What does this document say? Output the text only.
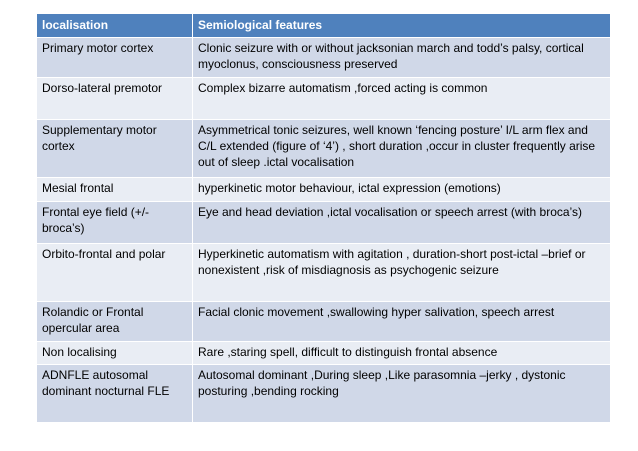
localisation	Semiological features
Primary motor cortex	Clonic seizure with or without jacksonian march and todd’s palsy, cortical myoclonus, consciousness preserved
Dorso-lateral premotor	Complex bizarre automatism ,forced acting is common
Supplementary motor cortex	Asymmetrical tonic seizures, well known ‘fencing posture’ I/L arm flex and C/L extended (figure of ‘4’) , short duration ,occur in cluster frequently arise out of sleep .ictal vocalisation
Mesial frontal	hyperkinetic motor behaviour, ictal expression (emotions)
Frontal eye field (+/- broca’s)	Eye and head deviation ,ictal vocalisation or speech arrest (with broca’s)
Orbito-frontal and polar	Hyperkinetic automatism with agitation , duration-short post-ictal –brief or nonexistent ,risk of misdiagnosis as psychogenic seizure
Rolandic or Frontal opercular area	Facial clonic movement ,swallowing hyper salivation, speech arrest
Non localising	Rare ,staring spell, difficult to distinguish frontal absence
ADNFLE autosomal dominant nocturnal FLE	Autosomal dominant ,During sleep ,Like parasomnia –jerky , dystonic posturing ,bending rocking
